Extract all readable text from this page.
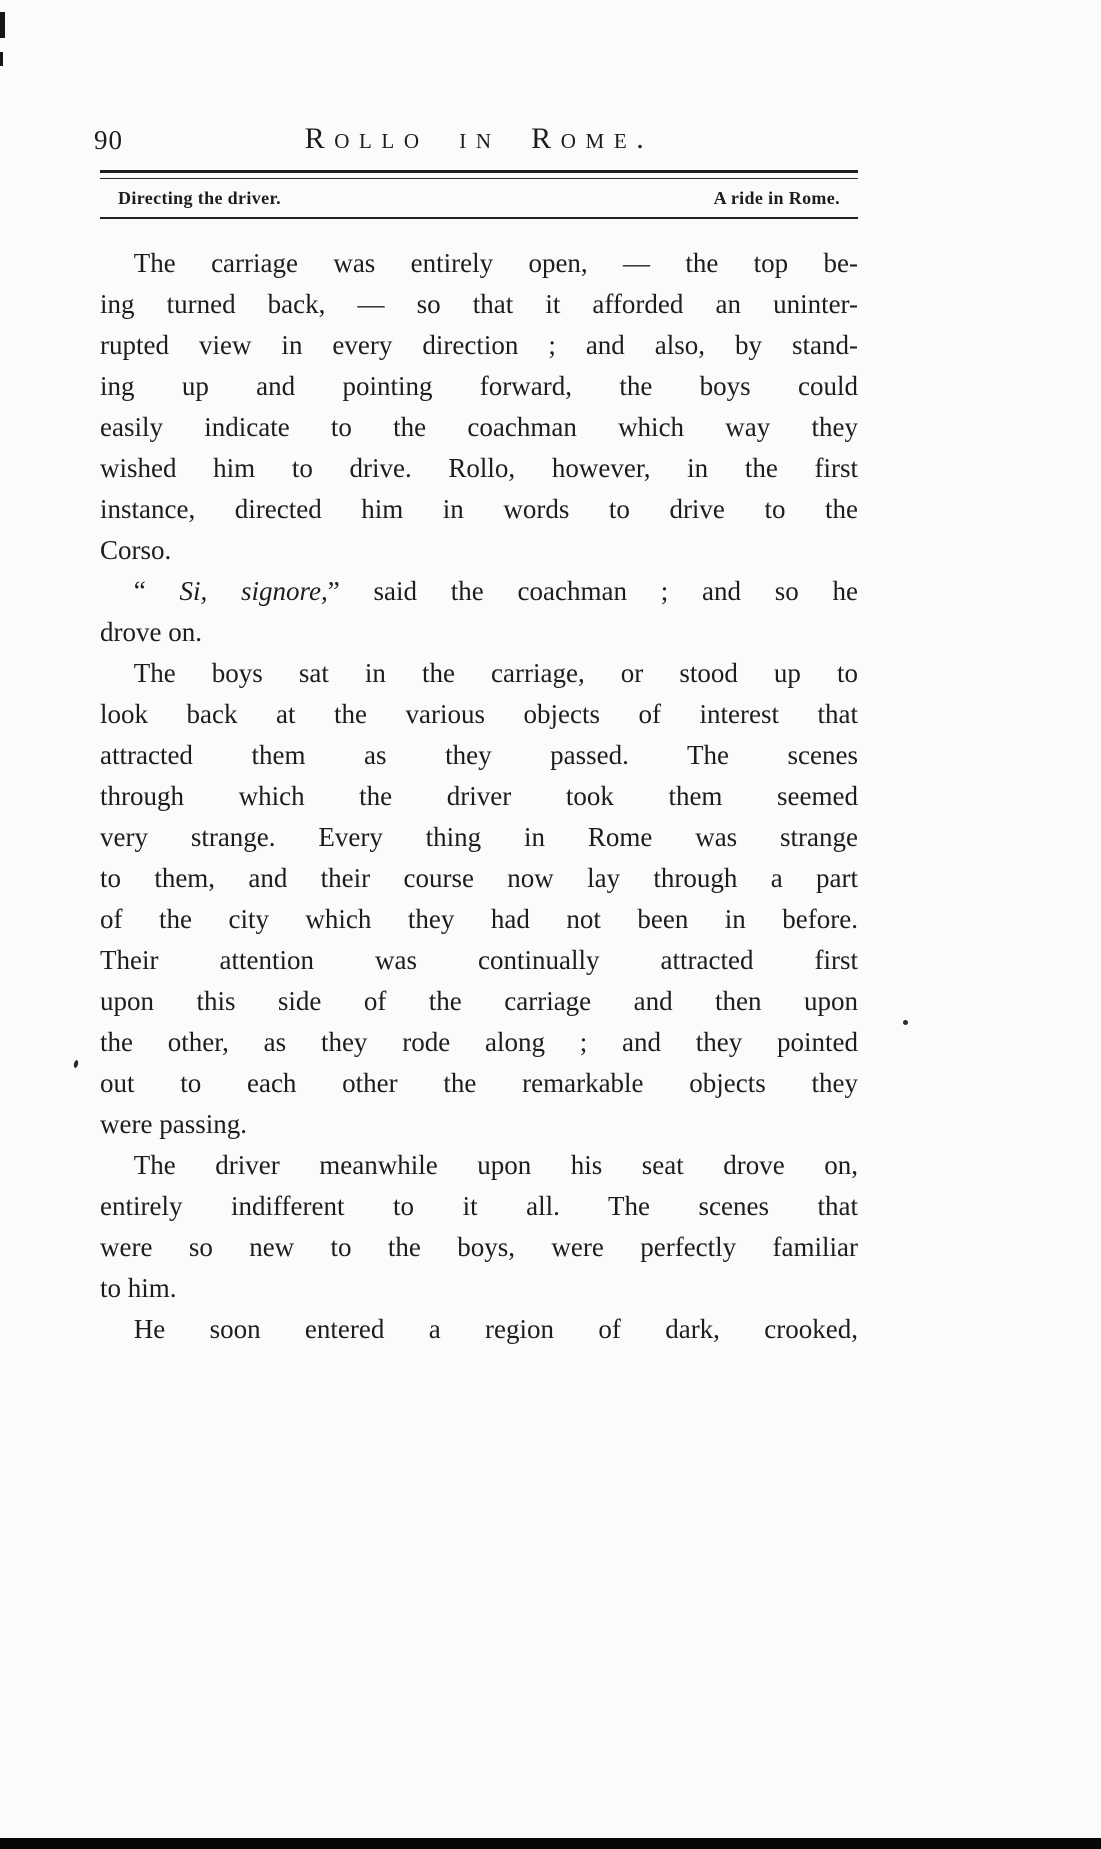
90	Rollo in Rome.
Directing the driver.	A ride in Rome.
The carriage was entirely open, — the top be-
ing turned back, — so that it afforded an uninter-
rupted view in every direction ; and also, by stand-
ing up and pointing forward, the boys could
easily indicate to the coachman which way they
wished him to drive. Rollo, however, in the first
instance, directed him in words to drive to the
Corso.
“ Si, signore,” said the coachman ; and so he
drove on.
The boys sat in the carriage, or stood up to
look back at the various objects of interest that
attracted them as they passed. The scenes
through which the driver took them seemed
very strange. Every thing in Rome was strange
to them, and their course now lay through a part
of the city which they had not been in before.
Their attention was continually attracted first
upon this side of the carriage and then upon
the other, as they rode along ; and they pointed
out to each other the remarkable objects they
were passing.
The driver meanwhile upon his seat drove on,
entirely indifferent to it all. The scenes that
were so new to the boys, were perfectly familiar
to him.
He soon entered a region of dark, crooked,
